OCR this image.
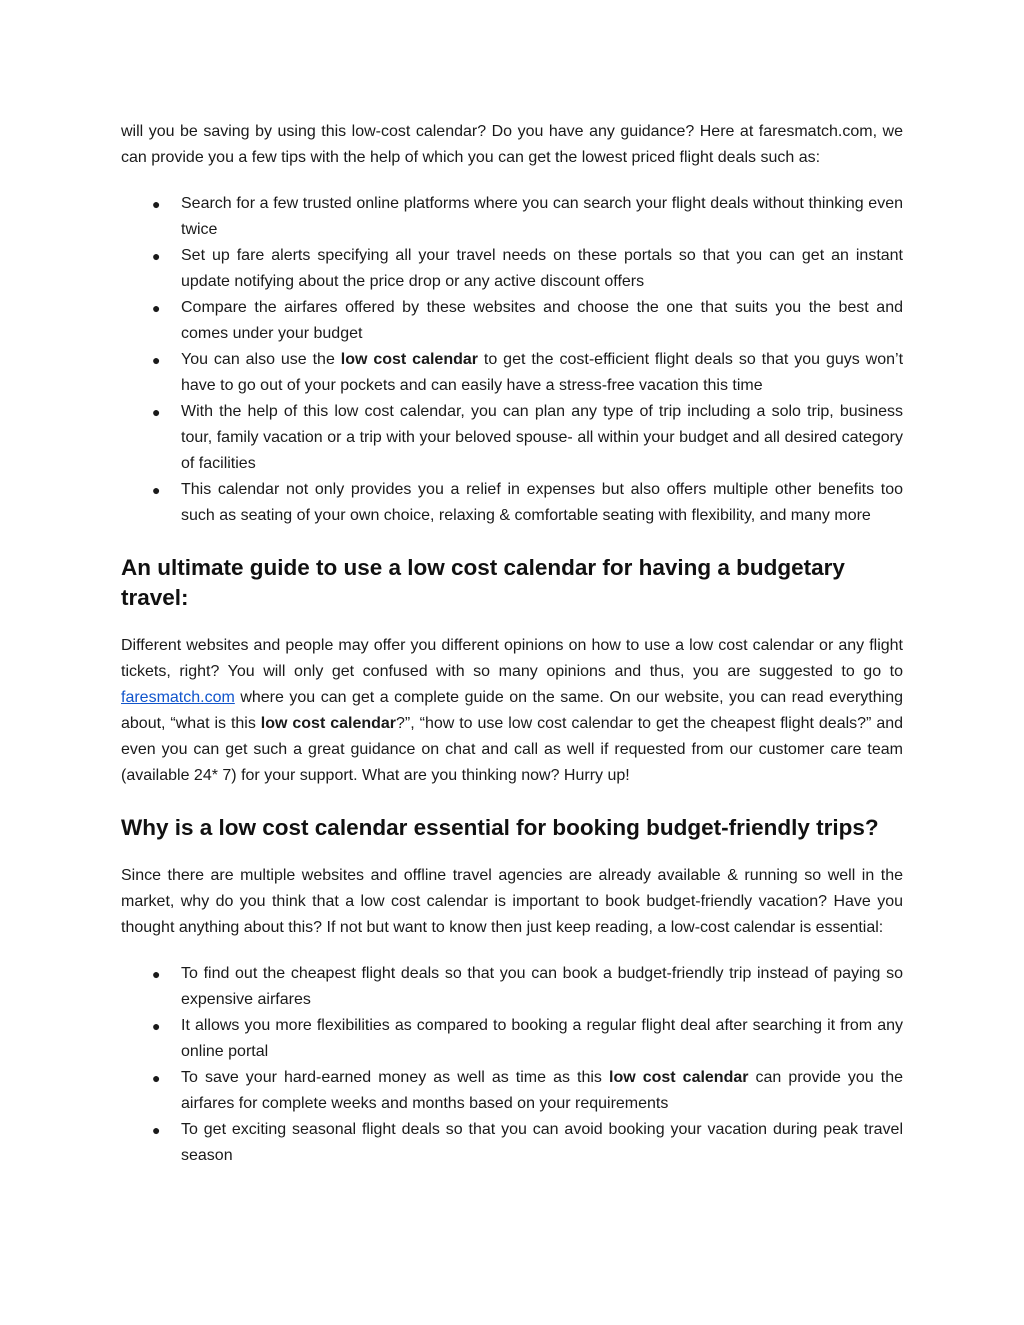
will you be saving by using this low-cost calendar? Do you have any guidance? Here at faresmatch.com, we can provide you a few tips with the help of which you can get the lowest priced flight deals such as:

● Search for a few trusted online platforms where you can search your flight deals without thinking even twice
● Set up fare alerts specifying all your travel needs on these portals so that you can get an instant update notifying about the price drop or any active discount offers
● Compare the airfares offered by these websites and choose the one that suits you the best and comes under your budget
● You can also use the low cost calendar to get the cost-efficient flight deals so that you guys won’t have to go out of your pockets and can easily have a stress-free vacation this time
● With the help of this low cost calendar, you can plan any type of trip including a solo trip, business tour, family vacation or a trip with your beloved spouse- all within your budget and all desired category of facilities
● This calendar not only provides you a relief in expenses but also offers multiple other benefits too such as seating of your own choice, relaxing & comfortable seating with flexibility, and many more
An ultimate guide to use a low cost calendar for having a budgetary travel:

Different websites and people may offer you different opinions on how to use a low cost calendar or any flight tickets, right? You will only get confused with so many opinions and thus, you are suggested to go to faresmatch.com where you can get a complete guide on the same. On our website, you can read everything about, “what is this low cost calendar?”, “how to use low cost calendar to get the cheapest flight deals?” and even you can get such a great guidance on chat and call as well if requested from our customer care team (available 24* 7) for your support. What are you thinking now? Hurry up!

Why is a low cost calendar essential for booking budget-friendly trips?

Since there are multiple websites and offline travel agencies are already available & running so well in the market, why do you think that a low cost calendar is important to book budget-friendly vacation? Have you thought anything about this? If not but want to know then just keep reading, a low-cost calendar is essential:

● To find out the cheapest flight deals so that you can book a budget-friendly trip instead of paying so expensive airfares
● It allows you more flexibilities as compared to booking a regular flight deal after searching it from any online portal
● To save your hard-earned money as well as time as this low cost calendar can provide you the airfares for complete weeks and months based on your requirements
● To get exciting seasonal flight deals so that you can avoid booking your vacation during peak travel season
